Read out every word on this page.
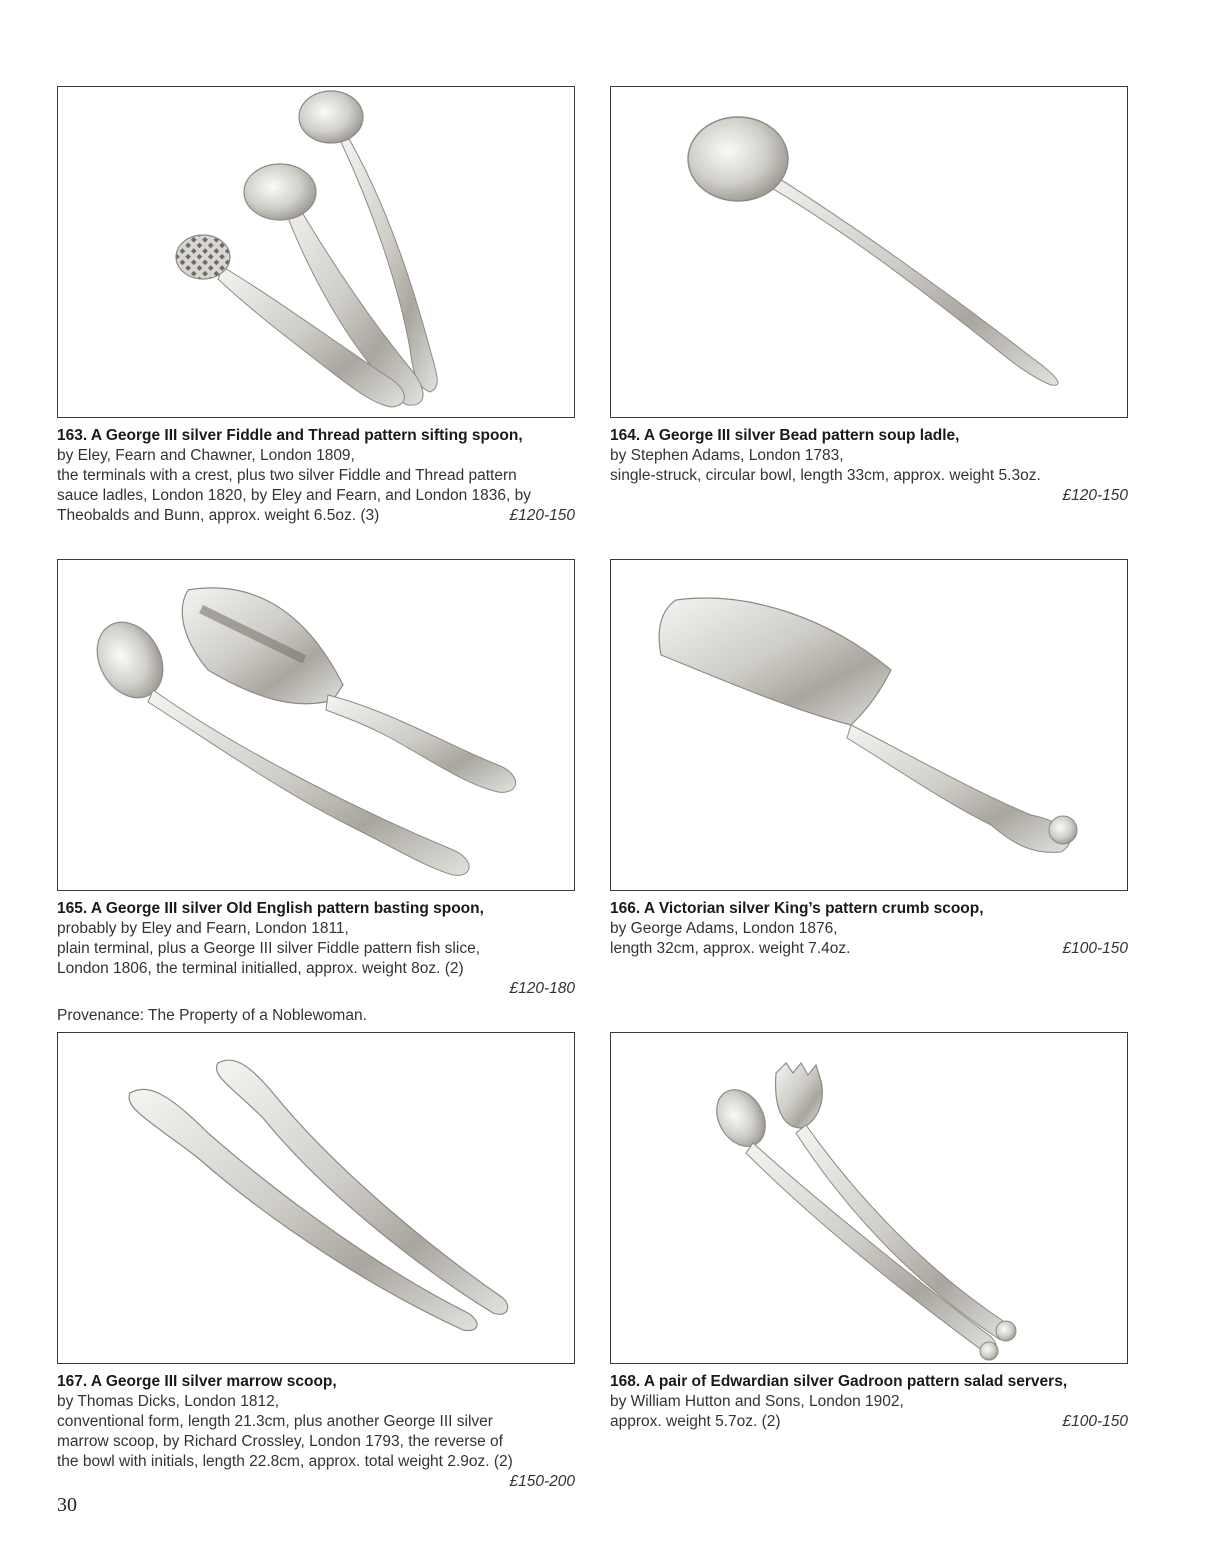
163. A George III silver Fiddle and Thread pattern sifting spoon,
by Eley, Fearn and Chawner, London 1809,
the terminals with a crest, plus two silver Fiddle and Thread pattern
sauce ladles, London 1820, by Eley and Fearn, and London 1836, by
Theobalds and Bunn, approx. weight 6.5oz. (3)	£120-150
164. A George III silver Bead pattern soup ladle,
by Stephen Adams, London 1783,
single-struck, circular bowl, length 33cm, approx. weight 5.3oz.
£120-150
165. A George III silver Old English pattern basting spoon,
probably by Eley and Fearn, London 1811,
plain terminal, plus a George III silver Fiddle pattern fish slice,
London 1806, the terminal initialled, approx. weight 8oz. (2)
£120-180
Provenance: The Property of a Noblewoman.
166. A Victorian silver King’s pattern crumb scoop,
by George Adams, London 1876,
length 32cm, approx. weight 7.4oz.	£100-150
167. A George III silver marrow scoop,
by Thomas Dicks, London 1812,
conventional form, length 21.3cm, plus another George III silver
marrow scoop, by Richard Crossley, London 1793, the reverse of
the bowl with initials, length 22.8cm, approx. total weight 2.9oz. (2)
£150-200
168. A pair of Edwardian silver Gadroon pattern salad servers,
by William Hutton and Sons, London 1902,
approx. weight 5.7oz. (2)	£100-150
30
